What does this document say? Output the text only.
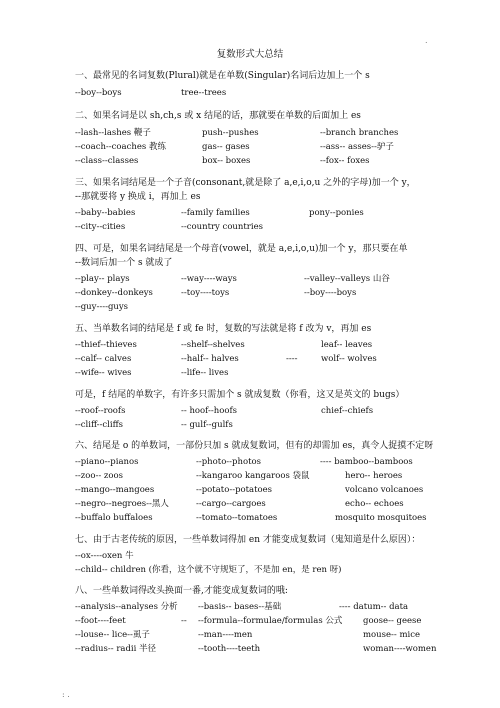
.
复数形式大总结
一、最常见的名词复数(Plural)就是在单数(Singular)名词后边加上一个 s
--boy--boys	tree--trees
二、如果名词是以 sh,ch,s 或 x 结尾的话，那就要在单数的后面加上 es
--lash--lashes 鞭子	push--pushes	--branch branches
--coach--coaches 教练	gas-- gases	--ass-- asses--驴子
--class--classes	box-- boxes	--fox-- foxes
三、如果名词结尾是一个子音(consonant,就是除了 a,e,i,o,u 之外的字母)加一个 y，
--那就要将 y 换成 i，再加上 es
--baby--babies	--family families	pony--ponies
--city--cities	--country countries
四、可是，如果名词结尾是一个母音(vowel，就是 a,e,i,o,u)加一个 y，那只要在单
--数词后加一个 s 就成了
--play-- plays	--way----ways	--valley--valleys 山谷
--donkey--donkeys	--toy----toys	--boy----boys
--guy----guys
五、当单数名词的结尾是 f 或 fe 时，复数的写法就是将 f 改为 v，再加 es
--thief--thieves	--shelf--shelves	leaf-- leaves
--calf-- calves	--half-- halves	----	wolf-- wolves
--wife-- wives	--life-- lives
可是，f 结尾的单数字，有许多只需加个 s 就成复数（你看，这又是英文的 bugs）
--roof--roofs	-- hoof--hoofs	chief--chiefs
--cliff--cliffs	-- gulf--gulfs
六、结尾是 o 的单数词，一部份只加 s 就成复数词，但有的却需加 es，真令人捉摸不定呀
--piano--pianos	--photo--photos	---- bamboo--bamboos
--zoo-- zoos	--kangaroo kangaroos 袋鼠	hero-- heroes
--mango--mangoes	--potato--potatoes	volcano volcanoes
--negro--negroes--黑人	--cargo--cargoes	echo-- echoes
--buffalo buffaloes	--tomato--tomatoes	mosquito mosquitoes
七、由于古老传统的原因，一些单数词得加 en 才能变成复数词（鬼知道是什么原因）：
--ox----oxen 牛
--child-- children (你看，这个就不守规矩了，不是加 en，是 ren 呀)
八、一些单数词得改头换面一番,才能变成复数词的哦:
--analysis--analyses 分析 --basis-- bases--基础	---- datum-- data
--foot----feet	-- --formula--formulae/formulas 公式 goose-- geese
--louse-- lice--虱子	--man----men	mouse-- mice
--radius-- radii 半径	--tooth----teeth	woman----women
: .
